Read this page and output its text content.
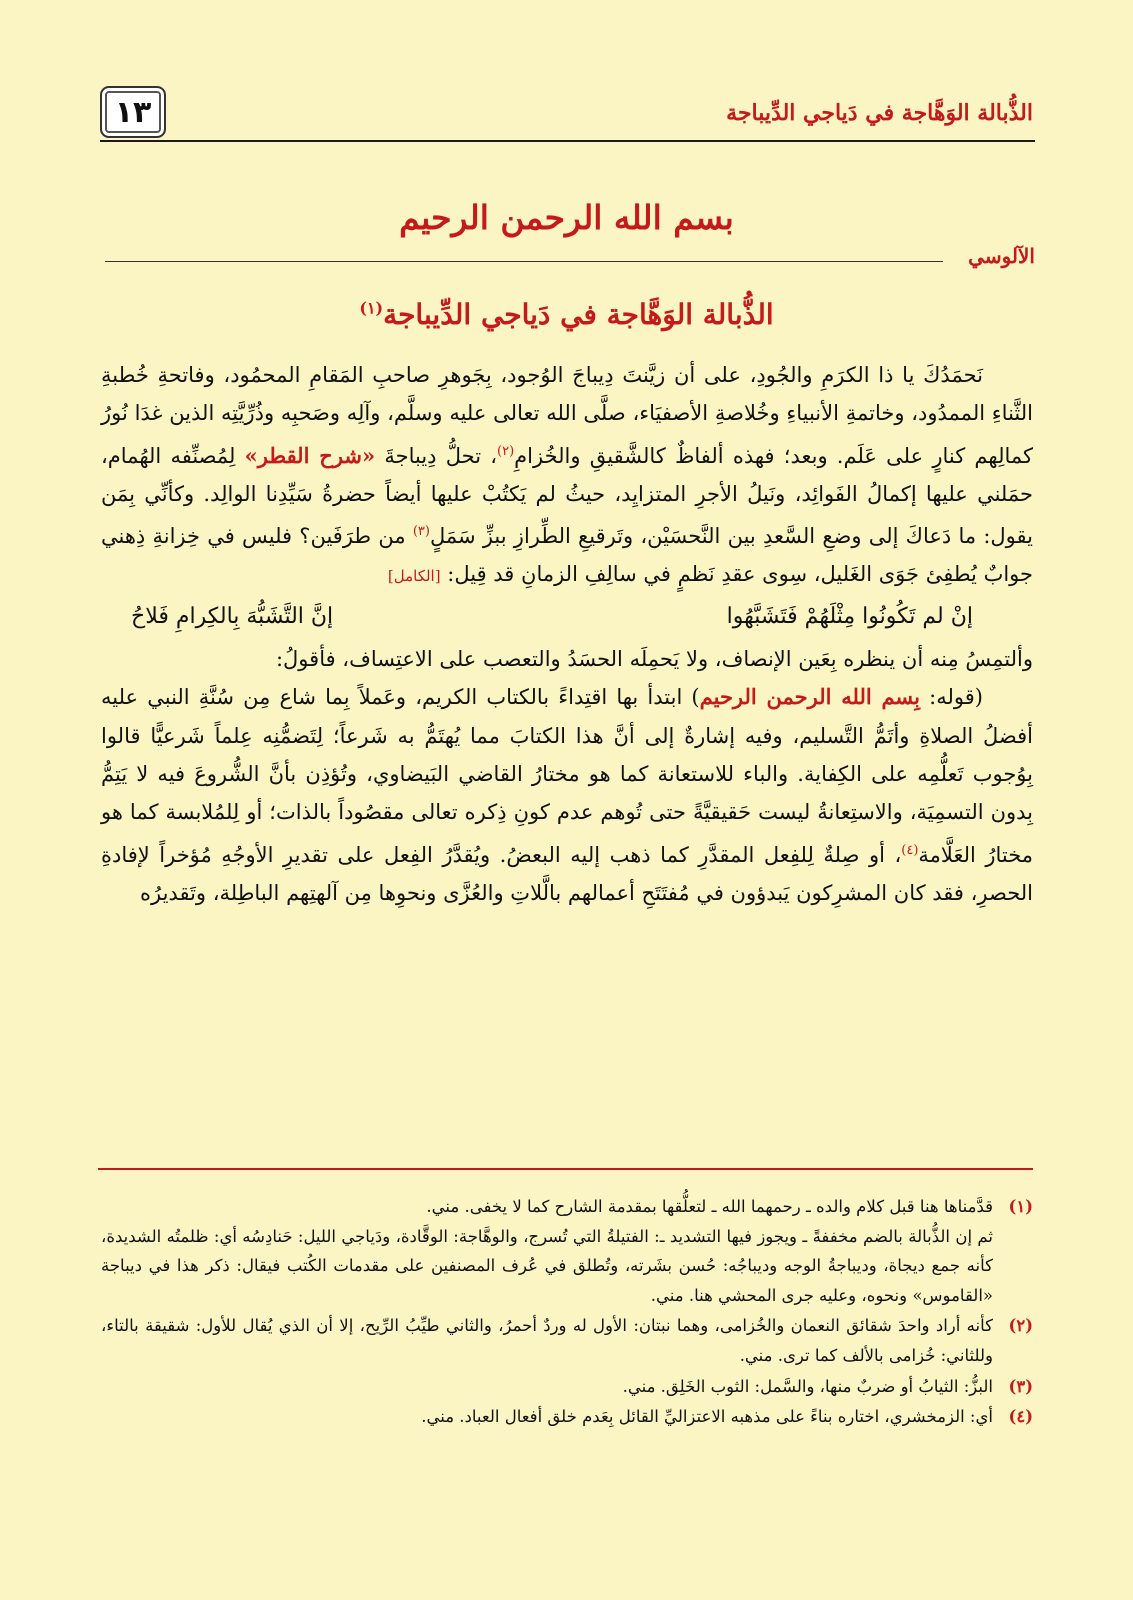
الذُّبالة الوَهَّاجة في دَياجي الدِّيباجة
١٣
بسم الله الرحمن الرحيم
الآلوسي
الذُّبالة الوَهَّاجة في دَياجي الدِّيباجة$^{(١)}$

نَحمَدُكَ يا ذا الكرَمِ والجُودِ، على أن زيَّنتَ دِيباجَ الوُجود، بِجَوهرِ صاحبِ المَقامِ المحمُود، وفاتحةِ خُطبةِ الثَّناءِ الممدُود، وخاتمةِ الأنبياءِ وخُلاصةِ الأصفيَاء، صلَّى الله تعالى عليه وسلَّم، وآلِه وصَحبِه وذُرِّيَّتِه الذين غدَا نُورُ كمالِهم كنارٍ على عَلَم. وبعد؛ فهذه ألفاظٌ كالشَّقيقِ والخُزامِ$^{(٢)}$، تحلُّ دِيباجةَ «شرح القطر» لِمُصنِّفه الهُمام، حمَلني عليها إكمالُ الفَوائِد، ونَيلُ الأجرِ المتزايِد، حيثُ لم يَكتُبْ عليها أيضاً حضرةُ سَيِّدِنا الوالِد. وكأنِّي بِمَن يقول: ما دَعاكَ إلى وضعِ السَّعدِ بين النَّحسَيْن، وتَرقيعِ الطِّرازِ ببزِّ سَمَلٍ$^{(٣)}$ من طرَفَين؟ فليس في خِزانةِ ذِهني جوابٌ يُطفِئ جَوَى الغَليل، سِوى عقدِ نَظمٍ في سالِفِ الزمانِ قد قِيل: [الكامل]

إنْ لم تَكُونُوا مِثْلَهُمْ فَتَشَبَّهُوا
إنَّ التَّشَبُّهَ بِالكِرامِ فَلاحُ

وألتمِسُ مِنه أن ينظره بِعَين الإنصاف، ولا يَحمِلَه الحسَدُ والتعصب على الاعتِساف، فأقولُ:

(قوله: بِسم الله الرحمن الرحيم) ابتدأ بها اقتِداءً بالكتاب الكريم، وعَملاً بِما شاع مِن سُنَّةِ النبي عليه أفضلُ الصلاةِ وأتَمُّ التَّسليم، وفيه إشارةٌ إلى أنَّ هذا الكتابَ مما يُهتَمُّ به شَرعاً؛ لِتَضمُّنِه عِلماً شَرعيًّا قالوا بِوُجوب تَعلُّمِه على الكِفاية. والباء للاستعانة كما هو مختارُ القاضي البَيضاوي، وتُؤذِن بأنَّ الشُّروعَ فيه لا يَتِمُّ بِدون التسمِيَة، والاستِعانةُ ليست حَقيقيَّةً حتى تُوهم عدم كونِ ذِكره تعالى مقصُوداً بالذات؛ أو لِلمُلابسة كما هو مختارُ العَلَّامة$^{(٤)}$، أو صِلةٌ لِلفِعل المقدَّرِ كما ذهب إليه البعضُ. ويُقدَّرُ الفِعل على تقديرِ الأوجُهِ مُؤخراً لإفادةِ الحصرِ، فقد كان المشرِكون يَبدؤون في مُفتَتَحِ أعمالهم بالَّلاتِ والعُزَّى ونحوِها مِن آلهتِهم الباطِلة، وتَقديرُه

(١)

قدَّمناها هنا قبل كلام والده ـ رحمهما الله ـ لتعلُّقها بمقدمة الشارح كما لا يخفى. مني.

ثم إن الذُّبالة بالضم مخففةً ـ ويجوز فيها التشديد ـ: الفتيلةُ التي تُسرج، والوهَّاجة: الوقَّادة، ودَياجي الليل: حَنادِسُه أي: ظلمتُه الشديدة، كأنه جمع ديجاة، وديباجةُ الوجه وديباجُه: حُسن بشَرته، وتُطلق في عُرف المصنفين على مقدمات الكُتب فيقال: ذكر هذا في ديباجة «القاموس» ونحوه، وعليه جرى المحشي هنا. مني.

(٢)

كأنه أراد واحدَ شقائق النعمان والخُزامى، وهما نبتان: الأول له وردٌ أحمرُ، والثاني طيِّبُ الرِّيح، إلا أن الذي يُقال للأول: شقيقة بالتاء، وللثاني: خُزامى بالألف كما ترى. مني.

(٣)

البزُّ: الثيابُ أو ضربٌ منها، والسَّمل: الثوب الخَلِق. مني.

(٤)

أي: الزمخشري، اختاره بناءً على مذهبه الاعتزاليِّ القائل بِعَدم خلق أفعال العباد. مني.
